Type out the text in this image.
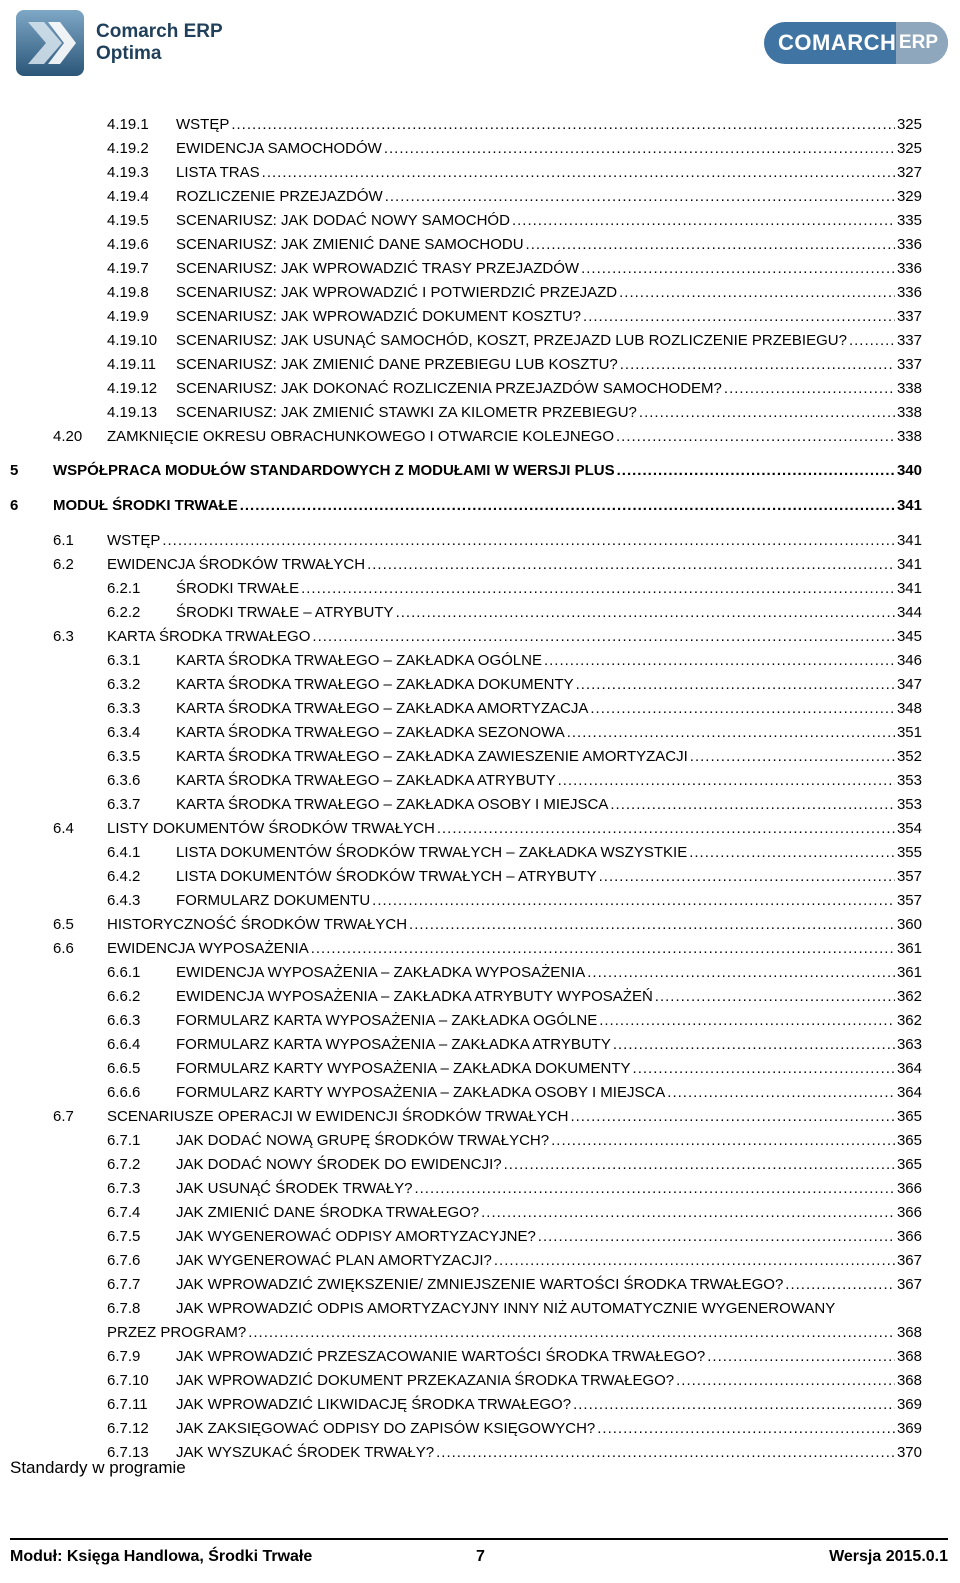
Comarch ERP
Optima	COMARCH ERP
4.19.1	WSTĘP .....	325
4.19.2	EWIDENCJA SAMOCHODÓW .....	325
4.19.3	LISTA TRAS .....	327
4.19.4	ROZLICZENIE PRZEJAZDÓW .....	329
4.19.5	SCENARIUSZ: JAK DODAĆ NOWY SAMOCHÓD .....	335
4.19.6	SCENARIUSZ: JAK ZMIENIĆ DANE SAMOCHODU .....	336
4.19.7	SCENARIUSZ: JAK WPROWADZIĆ TRASY PRZEJAZDÓW .....	336
4.19.8	SCENARIUSZ: JAK WPROWADZIĆ I POTWIERDZIĆ PRZEJAZD .....	336
4.19.9	SCENARIUSZ: JAK WPROWADZIĆ DOKUMENT KOSZTU? .....	337
4.19.10	SCENARIUSZ: JAK USUNĄĆ SAMOCHÓD, KOSZT, PRZEJAZD LUB ROZLICZENIE PRZEBIEGU? .....	337
4.19.11	SCENARIUSZ: JAK ZMIENIĆ DANE PRZEBIEGU LUB KOSZTU? .....	337
4.19.12	SCENARIUSZ: JAK DOKONAĆ ROZLICZENIA PRZEJAZDÓW SAMOCHODEM? .....	338
4.19.13	SCENARIUSZ: JAK ZMIENIĆ STAWKI ZA KILOMETR PRZEBIEGU? .....	338
4.20	ZAMKNIĘCIE OKRESU OBRACHUNKOWEGO I OTWARCIE KOLEJNEGO .....	338
5	WSPÓŁPRACA MODUŁÓW STANDARDOWYCH Z MODUŁAMI W WERSJI PLUS .....	340
6	MODUŁ ŚRODKI TRWAŁE .....	341
6.1	WSTĘP .....	341
6.2	EWIDENCJA ŚRODKÓW TRWAŁYCH .....	341
6.2.1	ŚRODKI TRWAŁE .....	341
6.2.2	ŚRODKI TRWAŁE – ATRYBUTY .....	344
6.3	KARTA ŚRODKA TRWAŁEGO .....	345
6.3.1	KARTA ŚRODKA TRWAŁEGO – ZAKŁADKA OGÓLNE .....	346
6.3.2	KARTA ŚRODKA TRWAŁEGO – ZAKŁADKA DOKUMENTY .....	347
6.3.3	KARTA ŚRODKA TRWAŁEGO – ZAKŁADKA AMORTYZACJA .....	348
6.3.4	KARTA ŚRODKA TRWAŁEGO – ZAKŁADKA SEZONOWA .....	351
6.3.5	KARTA ŚRODKA TRWAŁEGO – ZAKŁADKA ZAWIESZENIE AMORTYZACJI .....	352
6.3.6	KARTA ŚRODKA TRWAŁEGO – ZAKŁADKA ATRYBUTY .....	353
6.3.7	KARTA ŚRODKA TRWAŁEGO – ZAKŁADKA OSOBY I MIEJSCA .....	353
6.4	LISTY DOKUMENTÓW ŚRODKÓW TRWAŁYCH .....	354
6.4.1	LISTA DOKUMENTÓW ŚRODKÓW TRWAŁYCH – ZAKŁADKA WSZYSTKIE .....	355
6.4.2	LISTA DOKUMENTÓW ŚRODKÓW TRWAŁYCH – ATRYBUTY .....	357
6.4.3	FORMULARZ DOKUMENTU .....	357
6.5	HISTORYCZNOŚĆ ŚRODKÓW TRWAŁYCH .....	360
6.6	EWIDENCJA WYPOSAŻENIA .....	361
6.6.1	EWIDENCJA WYPOSAŻENIA – ZAKŁADKA WYPOSAŻENIA .....	361
6.6.2	EWIDENCJA WYPOSAŻENIA – ZAKŁADKA ATRYBUTY WYPOSAŻEŃ .....	362
6.6.3	FORMULARZ KARTA WYPOSAŻENIA – ZAKŁADKA OGÓLNE .....	362
6.6.4	FORMULARZ KARTA WYPOSAŻENIA – ZAKŁADKA ATRYBUTY .....	363
6.6.5	FORMULARZ KARTY WYPOSAŻENIA – ZAKŁADKA DOKUMENTY .....	364
6.6.6	FORMULARZ KARTY WYPOSAŻENIA – ZAKŁADKA OSOBY I MIEJSCA .....	364
6.7	SCENARIUSZE OPERACJI W EWIDENCJI ŚRODKÓW TRWAŁYCH .....	365
6.7.1	JAK DODAĆ NOWĄ GRUPĘ ŚRODKÓW TRWAŁYCH? .....	365
6.7.2	JAK DODAĆ NOWY ŚRODEK DO EWIDENCJI? .....	365
6.7.3	JAK USUNĄĆ ŚRODEK TRWAŁY? .....	366
6.7.4	JAK ZMIENIĆ DANE ŚRODKA TRWAŁEGO? .....	366
6.7.5	JAK WYGENEROWAĆ ODPISY AMORTYZACYJNE? .....	366
6.7.6	JAK WYGENEROWAĆ PLAN AMORTYZACJI? .....	367
6.7.7	JAK WPROWADZIĆ ZWIĘKSZENIE/ ZMNIEJSZENIE WARTOŚCI ŚRODKA TRWAŁEGO? .....	367
6.7.8	JAK WPROWADZIĆ ODPIS AMORTYZACYJNY INNY NIŻ AUTOMATYCZNIE WYGENEROWANY
PRZEZ PROGRAM? .....	368
6.7.9	JAK WPROWADZIĆ PRZESZACOWANIE WARTOŚCI ŚRODKA TRWAŁEGO? .....	368
6.7.10	JAK WPROWADZIĆ DOKUMENT PRZEKAZANIA ŚRODKA TRWAŁEGO? .....	368
6.7.11	JAK WPROWADZIĆ LIKWIDACJĘ ŚRODKA TRWAŁEGO? .....	369
6.7.12	JAK ZAKSIĘGOWAĆ ODPISY DO ZAPISÓW KSIĘGOWYCH? .....	369
6.7.13	JAK WYSZUKAĆ ŚRODEK TRWAŁY? .....	370
Standardy w programie
Moduł: Księga Handlowa, Środki Trwałe	7	Wersja 2015.0.1
